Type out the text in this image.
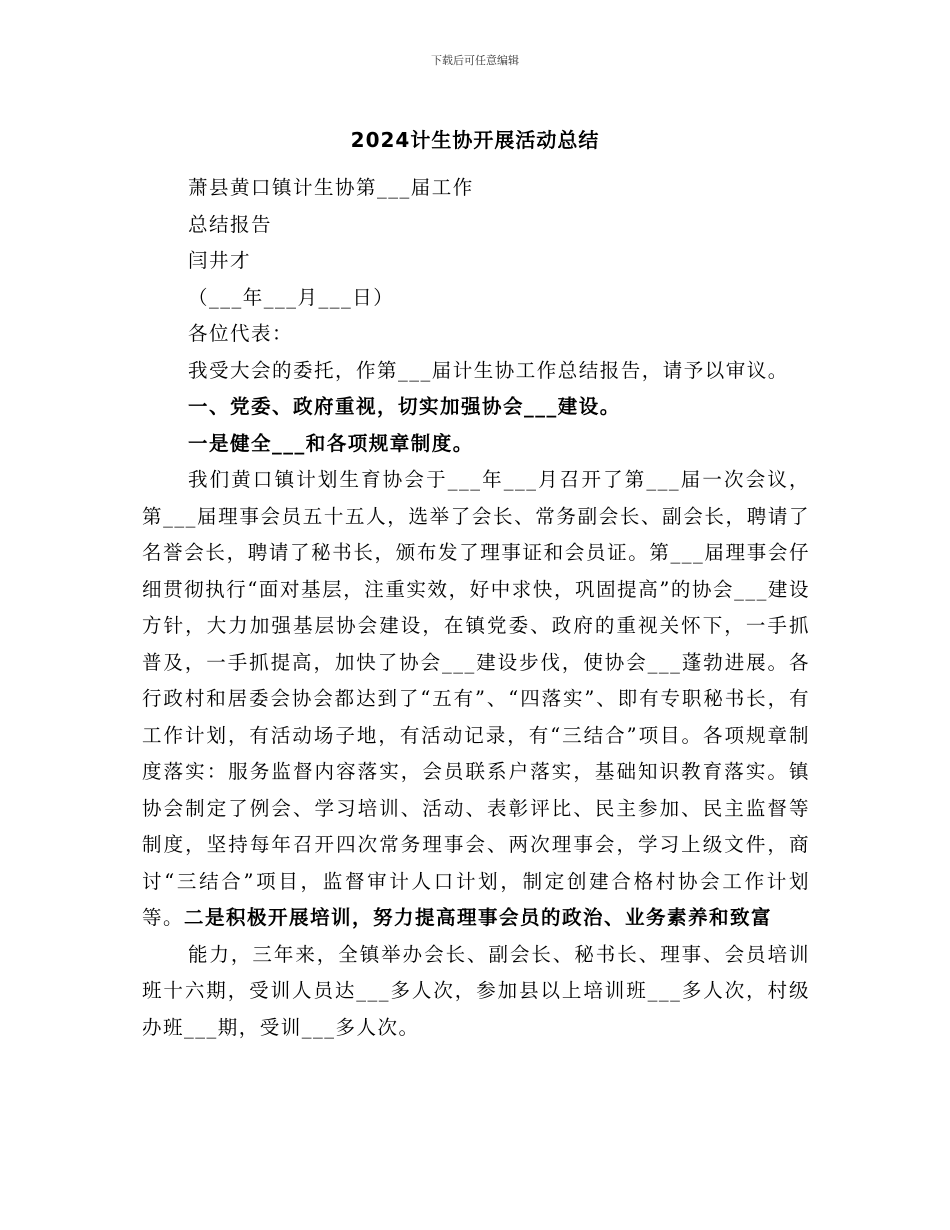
下载后可任意编辑
2024计生协开展活动总结
萧县黄口镇计生协第___届工作
总结报告
闫井才
（___年___月___日）
各位代表：
我受大会的委托，作第___届计生协工作总结报告，请予以审议。
一、党委、政府重视，切实加强协会___建设。
一是健全___和各项规章制度。

我们黄口镇计划生育协会于___年___月召开了第___届一次会议，第___届理事会员五十五人，选举了会长、常务副会长、副会长，聘请了名誉会长，聘请了秘书长，颁布发了理事证和会员证。第___届理事会仔细贯彻执行“面对基层，注重实效，好中求快，巩固提高”的协会___建设方针，大力加强基层协会建设，在镇党委、政府的重视关怀下，一手抓普及，一手抓提高，加快了协会___建设步伐，使协会___蓬勃进展。各行政村和居委会协会都达到了“五有”、“四落实”、即有专职秘书长，有工作计划，有活动场子地，有活动记录，有“三结合”项目。各项规章制度落实：服务监督内容落实，会员联系户落实，基础知识教育落实。镇协会制定了例会、学习培训、活动、表彰评比、民主参加、民主监督等制度，坚持每年召开四次常务理事会、两次理事会，学习上级文件，商讨“三结合”项目，监督审计人口计划，制定创建合格村协会工作计划等。二是积极开展培训，努力提高理事会员的政治、业务素养和致富

能力，三年来，全镇举办会长、副会长、秘书长、理事、会员培训班十六期，受训人员达___多人次，参加县以上培训班___多人次，村级办班___期，受训___多人次。
